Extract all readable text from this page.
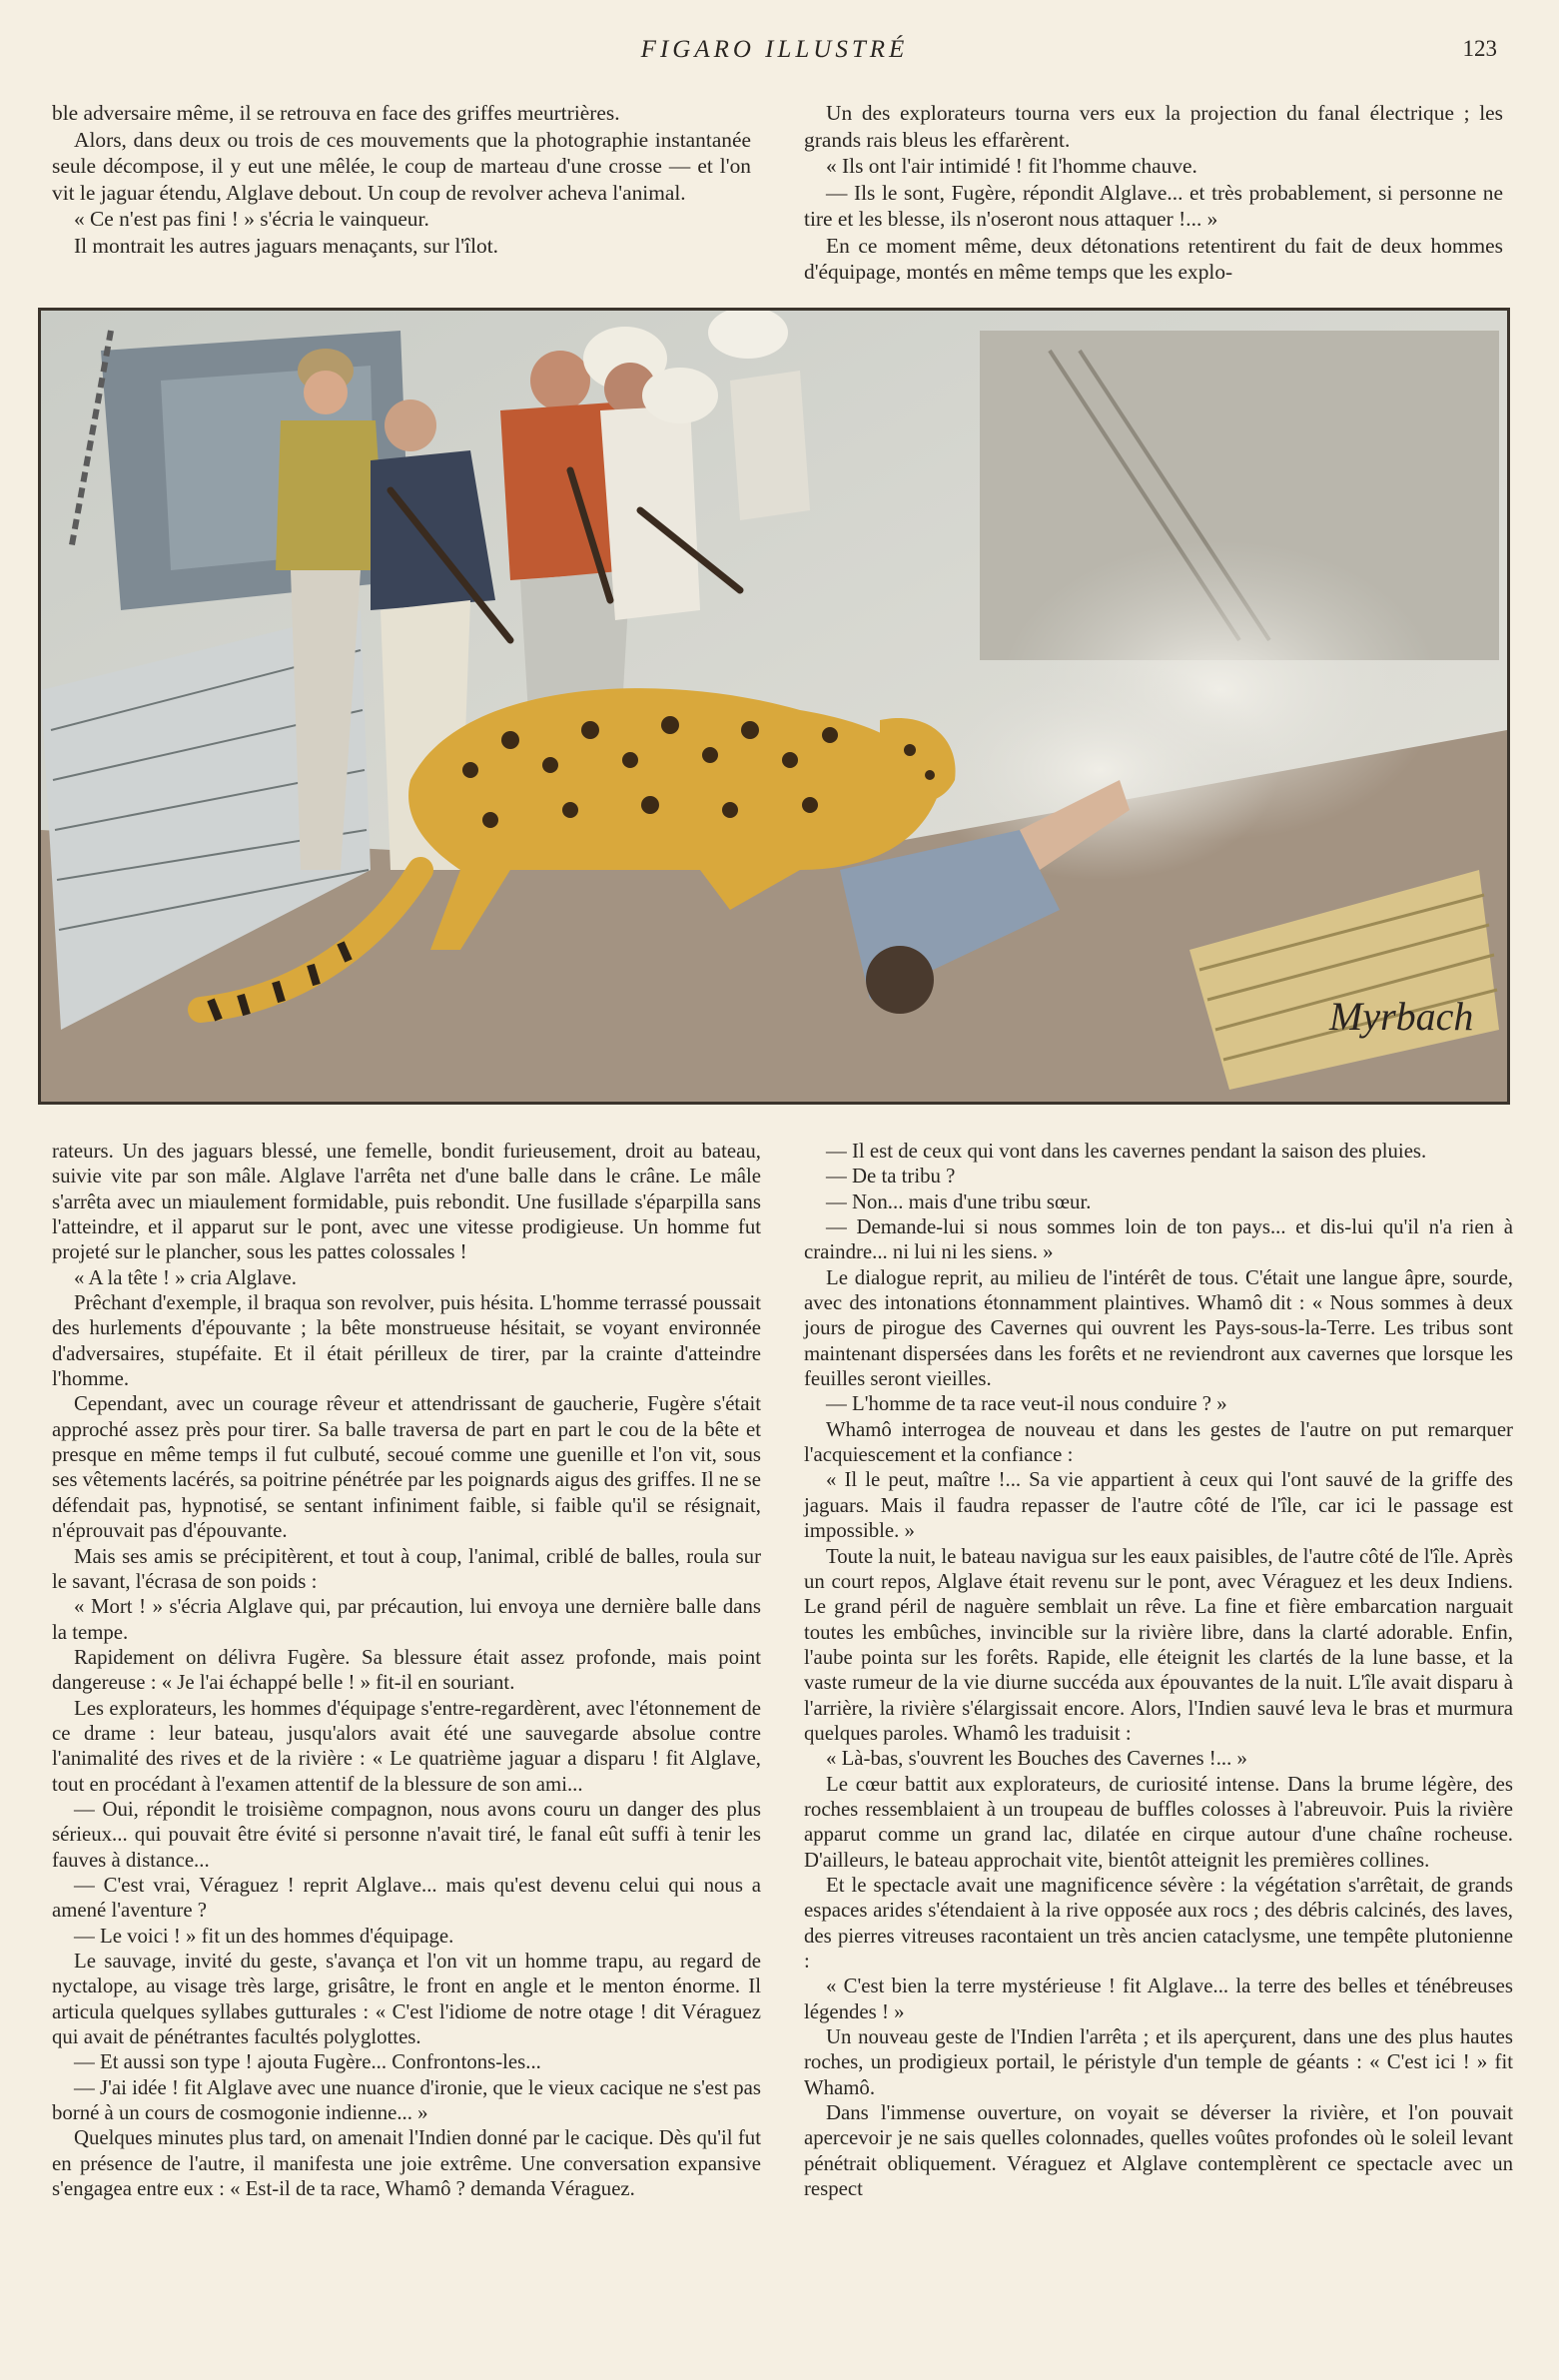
FIGARO ILLUSTRÉ	123

ble adversaire même, il se retrouva en face des griffes meurtrières.

Alors, dans deux ou trois de ces mouvements que la photographie instantanée seule décompose, il y eut une mêlée, le coup de marteau d'une crosse — et l'on vit le jaguar étendu, Alglave debout. Un coup de revolver acheva l'animal.

« Ce n'est pas fini ! » s'écria le vainqueur.

Il montrait les autres jaguars menaçants, sur l'îlot.

Un des explorateurs tourna vers eux la projection du fanal électrique ; les grands rais bleus les effarèrent.

« Ils ont l'air intimidé ! fit l'homme chauve.

— Ils le sont, Fugère, répondit Alglave... et très probablement, si personne ne tire et les blesse, ils n'oseront nous attaquer !... »

En ce moment même, deux détonations retentirent du fait de deux hommes d'équipage, montés en même temps que les explo-

Myrbach

rateurs. Un des jaguars blessé, une femelle, bondit furieusement, droit au bateau, suivie vite par son mâle. Alglave l'arrêta net d'une balle dans le crâne. Le mâle s'arrêta avec un miaulement formidable, puis rebondit. Une fusillade s'éparpilla sans l'atteindre, et il apparut sur le pont, avec une vitesse prodigieuse. Un homme fut projeté sur le plancher, sous les pattes colossales !

« A la tête ! » cria Alglave.

Prêchant d'exemple, il braqua son revolver, puis hésita. L'homme terrassé poussait des hurlements d'épouvante ; la bête monstrueuse hésitait, se voyant environnée d'adversaires, stupéfaite. Et il était périlleux de tirer, par la crainte d'atteindre l'homme.

Cependant, avec un courage rêveur et attendrissant de gaucherie, Fugère s'était approché assez près pour tirer. Sa balle traversa de part en part le cou de la bête et presque en même temps il fut culbuté, secoué comme une guenille et l'on vit, sous ses vêtements lacérés, sa poitrine pénétrée par les poignards aigus des griffes. Il ne se défendait pas, hypnotisé, se sentant infiniment faible, si faible qu'il se résignait, n'éprouvait pas d'épouvante.

Mais ses amis se précipitèrent, et tout à coup, l'animal, criblé de balles, roula sur le savant, l'écrasa de son poids :

« Mort ! » s'écria Alglave qui, par précaution, lui envoya une dernière balle dans la tempe.

Rapidement on délivra Fugère. Sa blessure était assez profonde, mais point dangereuse : « Je l'ai échappé belle ! » fit-il en souriant.

Les explorateurs, les hommes d'équipage s'entre-regardèrent, avec l'étonnement de ce drame : leur bateau, jusqu'alors avait été une sauvegarde absolue contre l'animalité des rives et de la rivière : « Le quatrième jaguar a disparu ! fit Alglave, tout en procédant à l'examen attentif de la blessure de son ami...

— Oui, répondit le troisième compagnon, nous avons couru un danger des plus sérieux... qui pouvait être évité si personne n'avait tiré, le fanal eût suffi à tenir les fauves à distance...

— C'est vrai, Véraguez ! reprit Alglave... mais qu'est devenu celui qui nous a amené l'aventure ?

— Le voici ! » fit un des hommes d'équipage.

Le sauvage, invité du geste, s'avança et l'on vit un homme trapu, au regard de nyctalope, au visage très large, grisâtre, le front en angle et le menton énorme. Il articula quelques syllabes gutturales : « C'est l'idiome de notre otage ! dit Véraguez qui avait de pénétrantes facultés polyglottes.

— Et aussi son type ! ajouta Fugère... Confrontons-les...

— J'ai idée ! fit Alglave avec une nuance d'ironie, que le vieux cacique ne s'est pas borné à un cours de cosmogonie indienne... »

Quelques minutes plus tard, on amenait l'Indien donné par le cacique. Dès qu'il fut en présence de l'autre, il manifesta une joie extrême. Une conversation expansive s'engagea entre eux : « Est-il de ta race, Whamô ? demanda Véraguez.

— Il est de ceux qui vont dans les cavernes pendant la saison des pluies.

— De ta tribu ?

— Non... mais d'une tribu sœur.

— Demande-lui si nous sommes loin de ton pays... et dis-lui qu'il n'a rien à craindre... ni lui ni les siens. »

Le dialogue reprit, au milieu de l'intérêt de tous. C'était une langue âpre, sourde, avec des intonations étonnamment plaintives. Whamô dit : « Nous sommes à deux jours de pirogue des Cavernes qui ouvrent les Pays-sous-la-Terre. Les tribus sont maintenant dispersées dans les forêts et ne reviendront aux cavernes que lorsque les feuilles seront vieilles.

— L'homme de ta race veut-il nous conduire ? »

Whamô interrogea de nouveau et dans les gestes de l'autre on put remarquer l'acquiescement et la confiance :

« Il le peut, maître !... Sa vie appartient à ceux qui l'ont sauvé de la griffe des jaguars. Mais il faudra repasser de l'autre côté de l'île, car ici le passage est impossible. »

Toute la nuit, le bateau navigua sur les eaux paisibles, de l'autre côté de l'île. Après un court repos, Alglave était revenu sur le pont, avec Véraguez et les deux Indiens. Le grand péril de naguère semblait un rêve. La fine et fière embarcation narguait toutes les embûches, invincible sur la rivière libre, dans la clarté adorable. Enfin, l'aube pointa sur les forêts. Rapide, elle éteignit les clartés de la lune basse, et la vaste rumeur de la vie diurne succéda aux épouvantes de la nuit. L'île avait disparu à l'arrière, la rivière s'élargissait encore. Alors, l'Indien sauvé leva le bras et murmura quelques paroles. Whamô les traduisit :

« Là-bas, s'ouvrent les Bouches des Cavernes !... »

Le cœur battit aux explorateurs, de curiosité intense. Dans la brume légère, des roches ressemblaient à un troupeau de buffles colosses à l'abreuvoir. Puis la rivière apparut comme un grand lac, dilatée en cirque autour d'une chaîne rocheuse. D'ailleurs, le bateau approchait vite, bientôt atteignit les premières collines.

Et le spectacle avait une magnificence sévère : la végétation s'arrêtait, de grands espaces arides s'étendaient à la rive opposée aux rocs ; des débris calcinés, des laves, des pierres vitreuses racontaient un très ancien cataclysme, une tempête plutonienne :

« C'est bien la terre mystérieuse ! fit Alglave... la terre des belles et ténébreuses légendes ! »

Un nouveau geste de l'Indien l'arrêta ; et ils aperçurent, dans une des plus hautes roches, un prodigieux portail, le péristyle d'un temple de géants : « C'est ici ! » fit Whamô.

Dans l'immense ouverture, on voyait se déverser la rivière, et l'on pouvait apercevoir je ne sais quelles colonnades, quelles voûtes profondes où le soleil levant pénétrait obliquement. Véraguez et Alglave contemplèrent ce spectacle avec un respect
